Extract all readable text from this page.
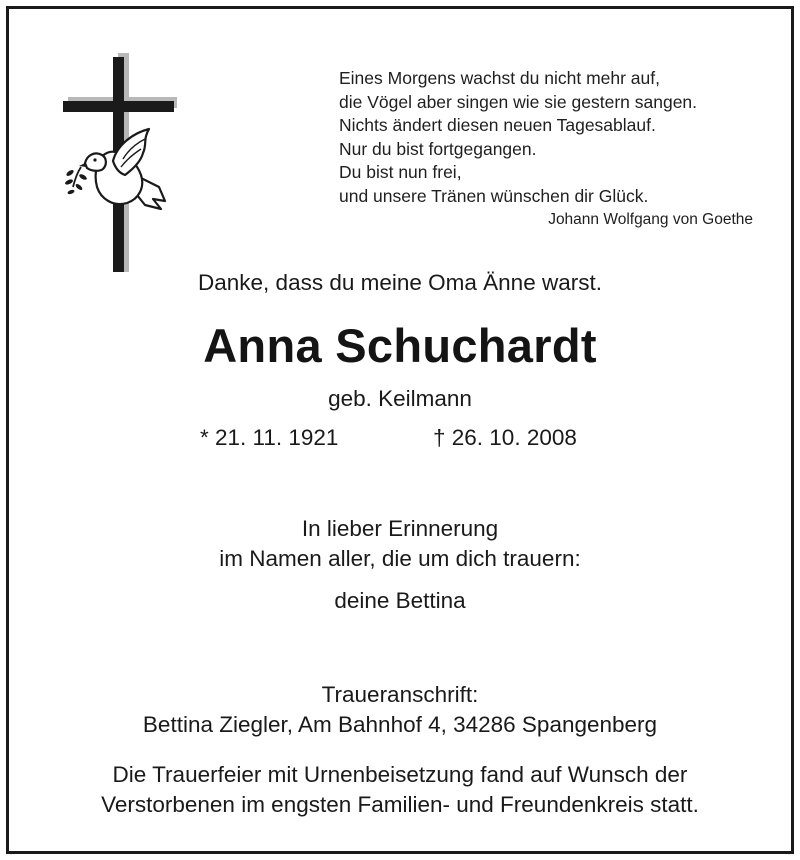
Eines Morgens wachst du nicht mehr auf,
die Vögel aber singen wie sie gestern sangen.
Nichts ändert diesen neuen Tagesablauf.
Nur du bist fortgegangen.
Du bist nun frei,
und unsere Tränen wünschen dir Glück.
Johann Wolfgang von Goethe
Danke, dass du meine Oma Änne warst.
Anna Schuchardt
geb. Keilmann
* 21. 11. 1921	† 26. 10. 2008
In lieber Erinnerung
im Namen aller, die um dich trauern:
deine Bettina
Traueranschrift:
Bettina Ziegler, Am Bahnhof 4, 34286 Spangenberg
Die Trauerfeier mit Urnenbeisetzung fand auf Wunsch der
Verstorbenen im engsten Familien- und Freundenkreis statt.
